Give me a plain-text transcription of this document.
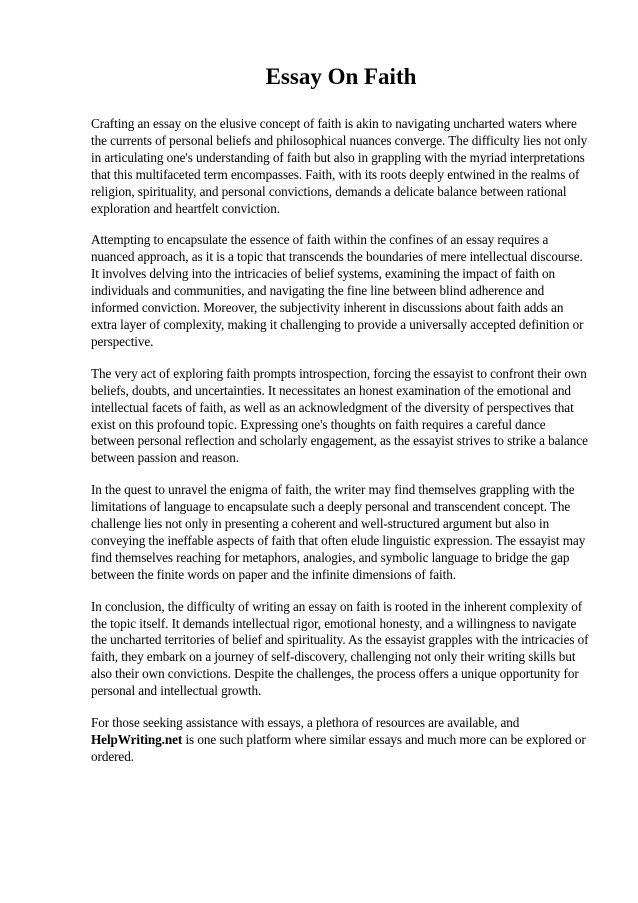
Essay On Faith

Crafting an essay on the elusive concept of faith is akin to navigating uncharted waters where the currents of personal beliefs and philosophical nuances converge. The difficulty lies not only in articulating one's understanding of faith but also in grappling with the myriad interpretations that this multifaceted term encompasses. Faith, with its roots deeply entwined in the realms of religion, spirituality, and personal convictions, demands a delicate balance between rational exploration and heartfelt conviction.

Attempting to encapsulate the essence of faith within the confines of an essay requires a nuanced approach, as it is a topic that transcends the boundaries of mere intellectual discourse. It involves delving into the intricacies of belief systems, examining the impact of faith on individuals and communities, and navigating the fine line between blind adherence and informed conviction. Moreover, the subjectivity inherent in discussions about faith adds an extra layer of complexity, making it challenging to provide a universally accepted definition or perspective.

The very act of exploring faith prompts introspection, forcing the essayist to confront their own beliefs, doubts, and uncertainties. It necessitates an honest examination of the emotional and intellectual facets of faith, as well as an acknowledgment of the diversity of perspectives that exist on this profound topic. Expressing one's thoughts on faith requires a careful dance between personal reflection and scholarly engagement, as the essayist strives to strike a balance between passion and reason.

In the quest to unravel the enigma of faith, the writer may find themselves grappling with the limitations of language to encapsulate such a deeply personal and transcendent concept. The challenge lies not only in presenting a coherent and well-structured argument but also in conveying the ineffable aspects of faith that often elude linguistic expression. The essayist may find themselves reaching for metaphors, analogies, and symbolic language to bridge the gap between the finite words on paper and the infinite dimensions of faith.

In conclusion, the difficulty of writing an essay on faith is rooted in the inherent complexity of the topic itself. It demands intellectual rigor, emotional honesty, and a willingness to navigate the uncharted territories of belief and spirituality. As the essayist grapples with the intricacies of faith, they embark on a journey of self-discovery, challenging not only their writing skills but also their own convictions. Despite the challenges, the process offers a unique opportunity for personal and intellectual growth.

For those seeking assistance with essays, a plethora of resources are available, and HelpWriting.net is one such platform where similar essays and much more can be explored or ordered.
